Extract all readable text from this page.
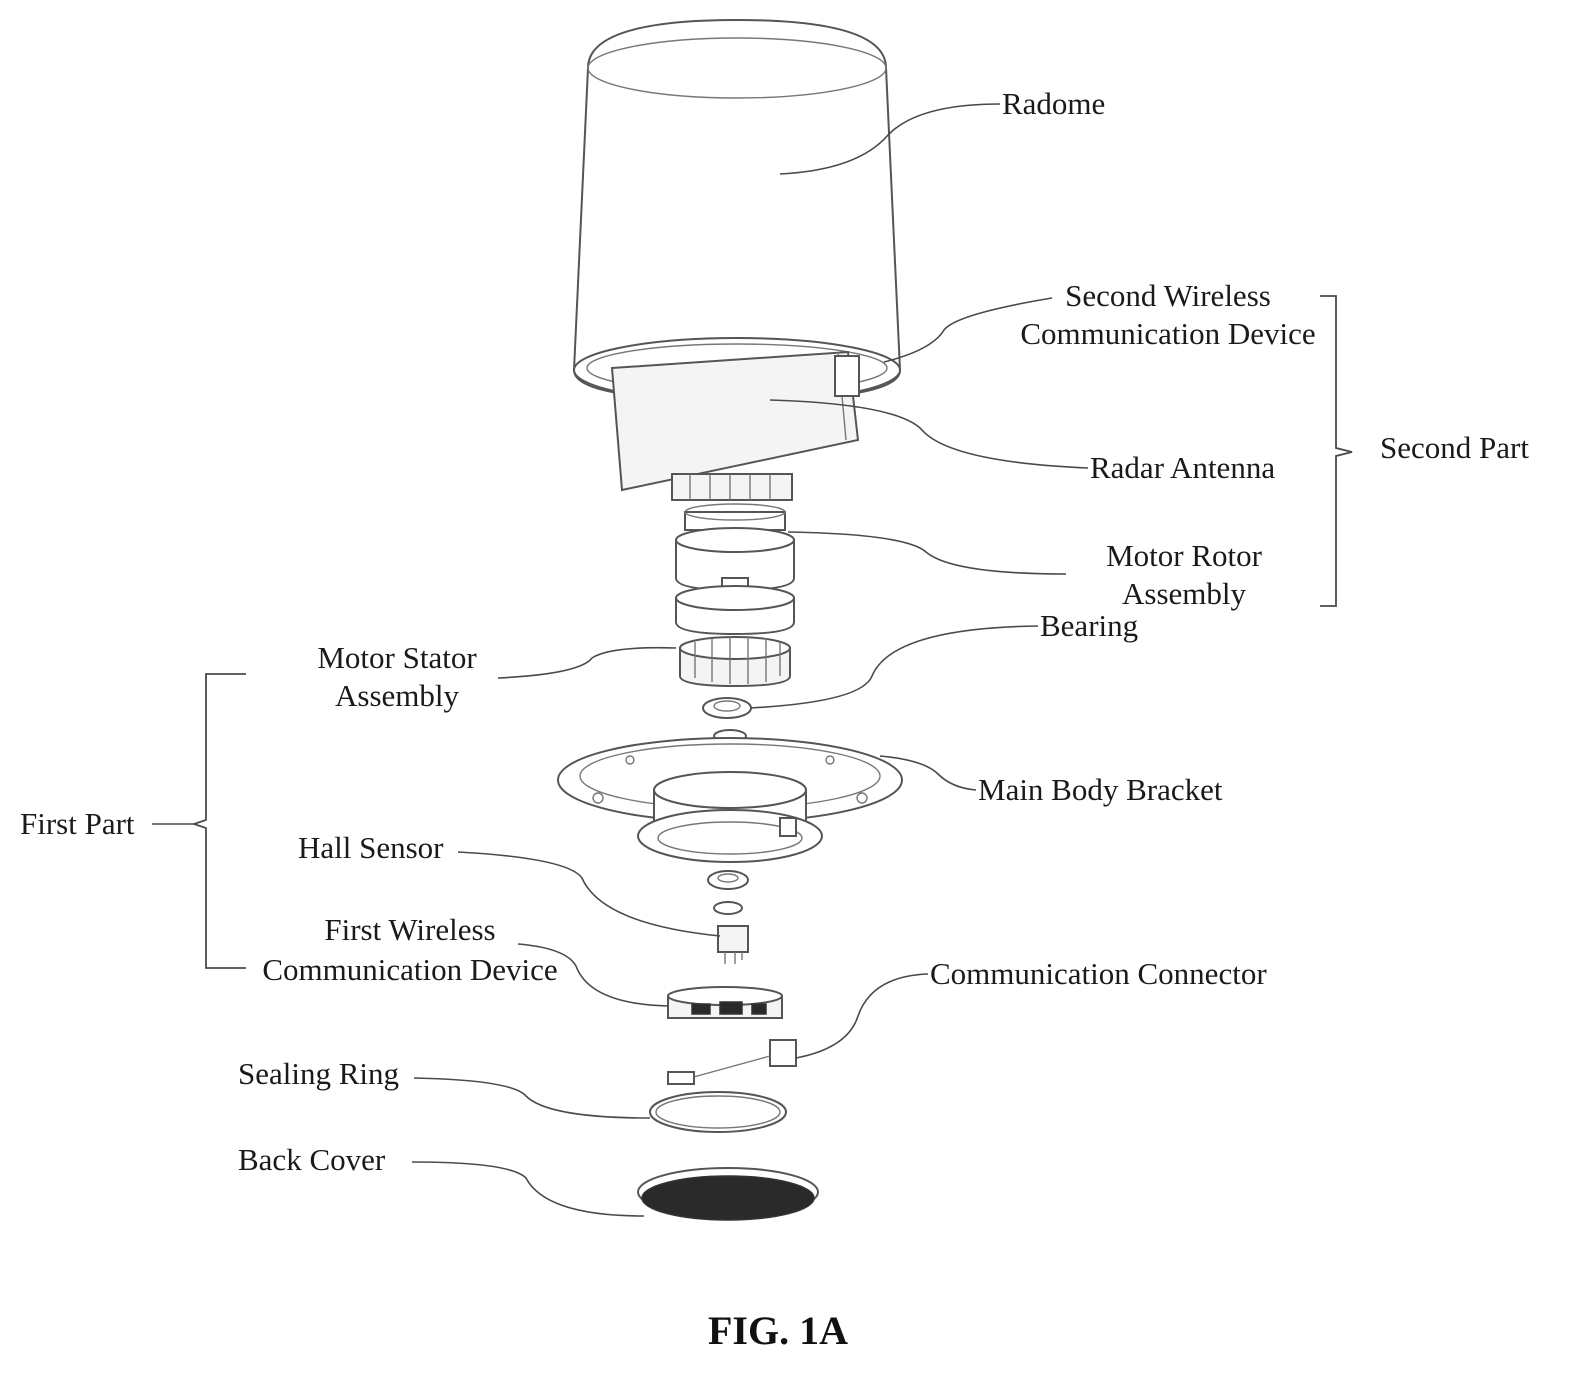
Radome
Second Wireless
Communication Device
Radar Antenna
Second Part
Motor Rotor
Assembly
Bearing
Motor Stator
Assembly
Main Body Bracket
First Part
Hall Sensor
First Wireless
Communication Device	Communication Connector
Sealing Ring
Back Cover
FIG. 1A
